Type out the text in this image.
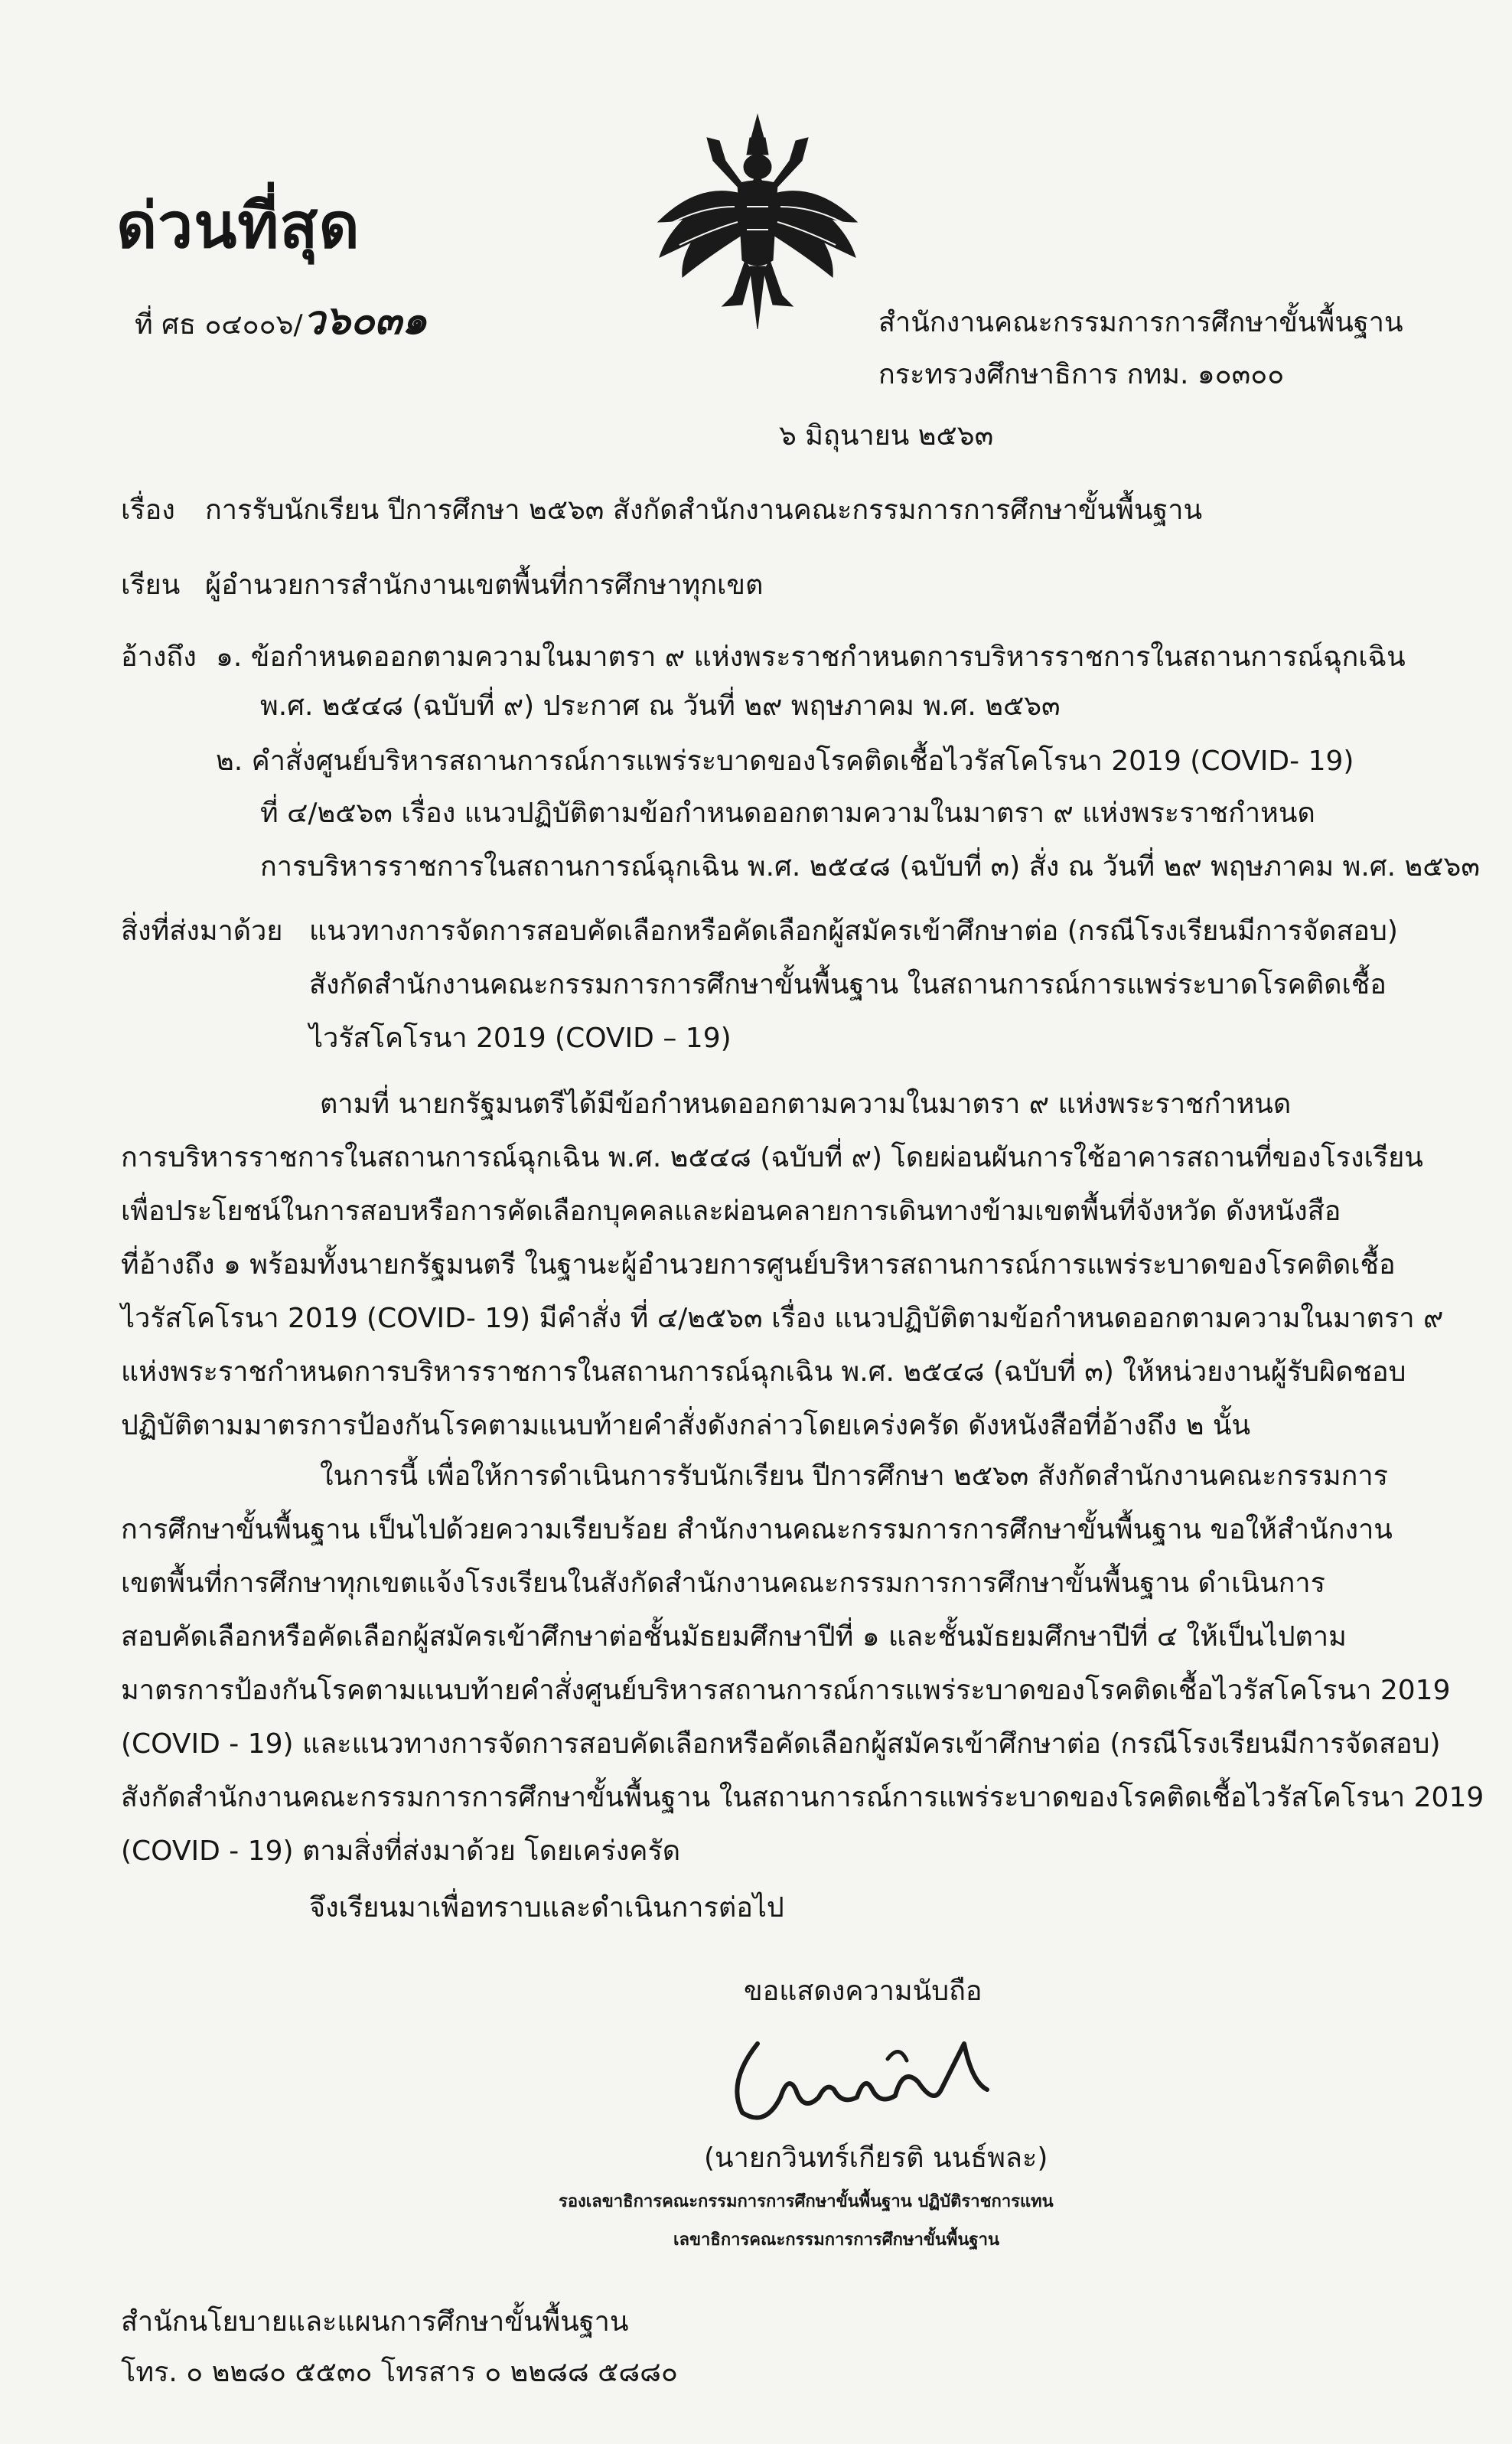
ด่วนที่สุด
ที่ ศธ ๐๔๐๐๖/ว๖๐๓๑	สำนักงานคณะกรรมการการศึกษาขั้นพื้นฐาน
กระทรวงศึกษาธิการ กทม. ๑๐๓๐๐
๖ มิถุนายน ๒๕๖๓
เรื่อง การรับนักเรียน ปีการศึกษา ๒๕๖๓ สังกัดสำนักงานคณะกรรมการการศึกษาขั้นพื้นฐาน
เรียน ผู้อำนวยการสำนักงานเขตพื้นที่การศึกษาทุกเขต
อ้างถึง ๑. ข้อกำหนดออกตามความในมาตรา ๙ แห่งพระราชกำหนดการบริหารราชการในสถานการณ์ฉุกเฉิน
พ.ศ. ๒๕๔๘ (ฉบับที่ ๙) ประกาศ ณ วันที่ ๒๙ พฤษภาคม พ.ศ. ๒๕๖๓
๒. คำสั่งศูนย์บริหารสถานการณ์การแพร่ระบาดของโรคติดเชื้อไวรัสโคโรนา 2019 (COVID- 19)
ที่ ๔/๒๕๖๓ เรื่อง แนวปฏิบัติตามข้อกำหนดออกตามความในมาตรา ๙ แห่งพระราชกำหนด
การบริหารราชการในสถานการณ์ฉุกเฉิน พ.ศ. ๒๕๔๘ (ฉบับที่ ๓) สั่ง ณ วันที่ ๒๙ พฤษภาคม พ.ศ. ๒๕๖๓
สิ่งที่ส่งมาด้วย แนวทางการจัดการสอบคัดเลือกหรือคัดเลือกผู้สมัครเข้าศึกษาต่อ (กรณีโรงเรียนมีการจัดสอบ)
สังกัดสำนักงานคณะกรรมการการศึกษาขั้นพื้นฐาน ในสถานการณ์การแพร่ระบาดโรคติดเชื้อ
ไวรัสโคโรนา 2019 (COVID – 19)
ตามที่ นายกรัฐมนตรีได้มีข้อกำหนดออกตามความในมาตรา ๙ แห่งพระราชกำหนด
การบริหารราชการในสถานการณ์ฉุกเฉิน พ.ศ. ๒๕๔๘ (ฉบับที่ ๙) โดยผ่อนผันการใช้อาคารสถานที่ของโรงเรียน
เพื่อประโยชน์ในการสอบหรือการคัดเลือกบุคคลและผ่อนคลายการเดินทางข้ามเขตพื้นที่จังหวัด ดังหนังสือ
ที่อ้างถึง ๑ พร้อมทั้งนายกรัฐมนตรี ในฐานะผู้อำนวยการศูนย์บริหารสถานการณ์การแพร่ระบาดของโรคติดเชื้อ
ไวรัสโคโรนา 2019 (COVID- 19) มีคำสั่ง ที่ ๔/๒๕๖๓ เรื่อง แนวปฏิบัติตามข้อกำหนดออกตามความในมาตรา ๙
แห่งพระราชกำหนดการบริหารราชการในสถานการณ์ฉุกเฉิน พ.ศ. ๒๕๔๘ (ฉบับที่ ๓) ให้หน่วยงานผู้รับผิดชอบ
ปฏิบัติตามมาตรการป้องกันโรคตามแนบท้ายคำสั่งดังกล่าวโดยเคร่งครัด ดังหนังสือที่อ้างถึง ๒ นั้น
ในการนี้ เพื่อให้การดำเนินการรับนักเรียน ปีการศึกษา ๒๕๖๓ สังกัดสำนักงานคณะกรรมการ
การศึกษาขั้นพื้นฐาน เป็นไปด้วยความเรียบร้อย สำนักงานคณะกรรมการการศึกษาขั้นพื้นฐาน ขอให้สำนักงาน
เขตพื้นที่การศึกษาทุกเขตแจ้งโรงเรียนในสังกัดสำนักงานคณะกรรมการการศึกษาขั้นพื้นฐาน ดำเนินการ
สอบคัดเลือกหรือคัดเลือกผู้สมัครเข้าศึกษาต่อชั้นมัธยมศึกษาปีที่ ๑ และชั้นมัธยมศึกษาปีที่ ๔ ให้เป็นไปตาม
มาตรการป้องกันโรคตามแนบท้ายคำสั่งศูนย์บริหารสถานการณ์การแพร่ระบาดของโรคติดเชื้อไวรัสโคโรนา 2019
(COVID - 19) และแนวทางการจัดการสอบคัดเลือกหรือคัดเลือกผู้สมัครเข้าศึกษาต่อ (กรณีโรงเรียนมีการจัดสอบ)
สังกัดสำนักงานคณะกรรมการการศึกษาขั้นพื้นฐาน ในสถานการณ์การแพร่ระบาดของโรคติดเชื้อไวรัสโคโรนา 2019
(COVID - 19) ตามสิ่งที่ส่งมาด้วย โดยเคร่งครัด
จึงเรียนมาเพื่อทราบและดำเนินการต่อไป
ขอแสดงความนับถือ
(นายกวินทร์เกียรติ นนธ์พละ)
รองเลขาธิการคณะกรรมการการศึกษาขั้นพื้นฐาน ปฏิบัติราชการแทน
เลขาธิการคณะกรรมการการศึกษาขั้นพื้นฐาน
สำนักนโยบายและแผนการศึกษาขั้นพื้นฐาน
โทร. ๐ ๒๒๘๐ ๕๕๓๐ โทรสาร ๐ ๒๒๘๘ ๕๘๘๐
